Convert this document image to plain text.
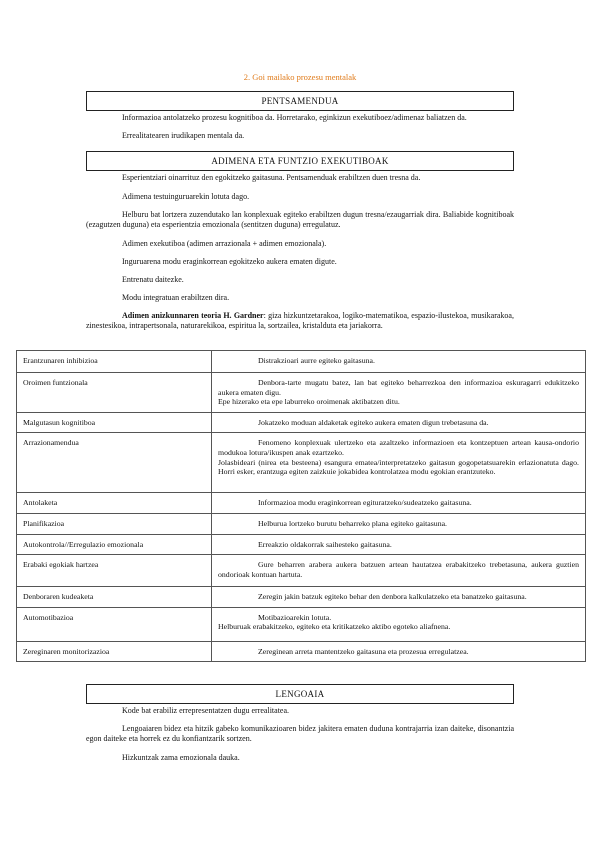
2. Goi mailako prozesu mentalak
PENTSAMENDUA

Informazioa antolatzeko prozesu kognitiboa da. Horretarako, eginkizun exekutiboez/adimenaz baliatzen da.

Errealitatearen irudikapen mentala da.

ADIMENA ETA FUNTZIO EXEKUTIBOAK

Esperientziari oinarrituz den egokitzeko gaitasuna. Pentsamenduak erabiltzen duen tresna da.

Adimena testuinguruarekin lotuta dago.

Helburu bat lortzera zuzendutako lan konplexuak egiteko erabiltzen dugun tresna/ezaugarriak dira. Baliabide kognitiboak (ezagutzen duguna) eta esperientzia emozionala (sentitzen duguna) erregulatuz.

Adimen exekutiboa (adimen arrazionala + adimen emozionala).

Inguruarena modu eraginkorrean egokitzeko aukera ematen digute.

Entrenatu daitezke.

Modu integratuan erabiltzen dira.

Adimen anizkunnaren teoria H. Gardner: giza hizkuntzetarakoa, logiko-matematikoa, espazio-ilustekoa, musikarakoa, zinestesikoa, intrapertsonala, naturarekikoa, espiritua la, sortzailea, kristalduta eta jariakorra.

Erantzunaren inhibizioa	Distrakzioari aurre egiteko gaitasuna.

Oroimen funtzionala	Denbora-tarte mugatu batez, lan bat egiteko beharrezkoa den informazioa eskuragarri edukitzeko aukera ematen digu.
Epe hizerako eta epe laburreko oroimenak aktibatzen ditu.

Malgutasun kognitiboa	Jokatzeko moduan aldaketak egiteko aukera ematen digun trebetasuna da.

Arrazionamendua	Fenomeno konplexuak ulertzeko eta azaltzeko informazioen eta kontzeptuen artean kausa-ondorio modukoa lotura/ikuspen anak ezartzeko.
Jolasbideari (nirea eta besteena) esangura ematea/interpretatzeko gaitasun gogopetatsuarekin erlazionatuta dago. Horri esker, erantzuga egiten zaizkuie jokabidea kontrolatzea modu egokian erantzuteko.

Antolaketa	Informazioa modu eraginkorrean egituratzeko/sudeatzeko gaitasuna.

Planifikazioa	Helburua lortzeko burutu beharreko plana egiteko gaitasuna.

Autokontrola//Erregulazio emozionala	Erreakzio oldakorrak saihesteko gaitasuna.

Erabaki egokiak hartzea	Gure beharren arabera aukera batzuen artean hautatzea erabakitzeko trebetasuna, aukera guztien ondorioak kontuan hartuta.

Denboraren kudeaketa	Zeregin jakin batzuk egiteko behar den denbora kalkulatzeko eta banatzeko gaitasuna.

Automotibazioa	Motibazioarekin lotuta.
Helburuak erabakitzeko, egiteko eta kritikatzeko aktibo egoteko aliafnena.

Zereginaren monitorizazioa	Zereginean arreta mantentzeko gaitasuna eta prozesua erregulatzea.
LENGOAIA

Kode bat erabiliz errepresentatzen dugu errealitatea.

Lengoaiaren bidez eta hitzik gabeko komunikazioaren bidez jakitera ematen duduna kontrajarria izan daiteke, disonantzia egon daiteke eta horrek ez du konfiantzarik sortzen.

Hizkuntzak zama emozionala dauka.
